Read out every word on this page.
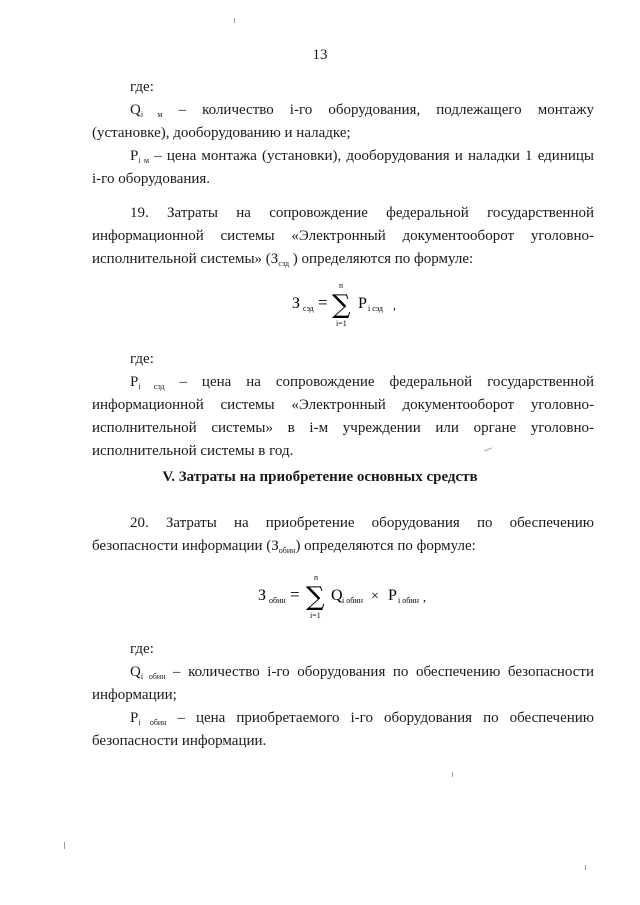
13

где:

$Q_{i м}$ – количество i-го оборудования, подлежащего монтажу

(установке), дооборудованию и наладке;

$P_{i м}$ – цена монтажа (установки), дооборудования и наладки 1 единицы

i-го оборудования.

19. Затраты на сопровождение федеральной государственной

информационной системы «Электронный документооборот уголовно-

исполнительной системы» ($З_{сэд}$ ) определяются по формуле:

З сэд =
n
∑
i=1
P i сэд ,

где:

$P_{i сэд}$ – цена на сопровождение федеральной государственной

информационной системы «Электронный документооборот уголовно-

исполнительной системы» в i-м учреждении или органе уголовно-

исполнительной системы в год.

V. Затраты на приобретение основных средств

20. Затраты на приобретение оборудования по обеспечению

безопасности информации $(З_{обин})$ определяются по формуле:

З обин =
n
∑
i=1
Q i обин × P i обин ,

где:

$Q_{i обин}$ – количество i-го оборудования по обеспечению безопасности

информации;

$P_{i обин}$ – цена приобретаемого i-го оборудования по обеспечению

безопасности информации.
